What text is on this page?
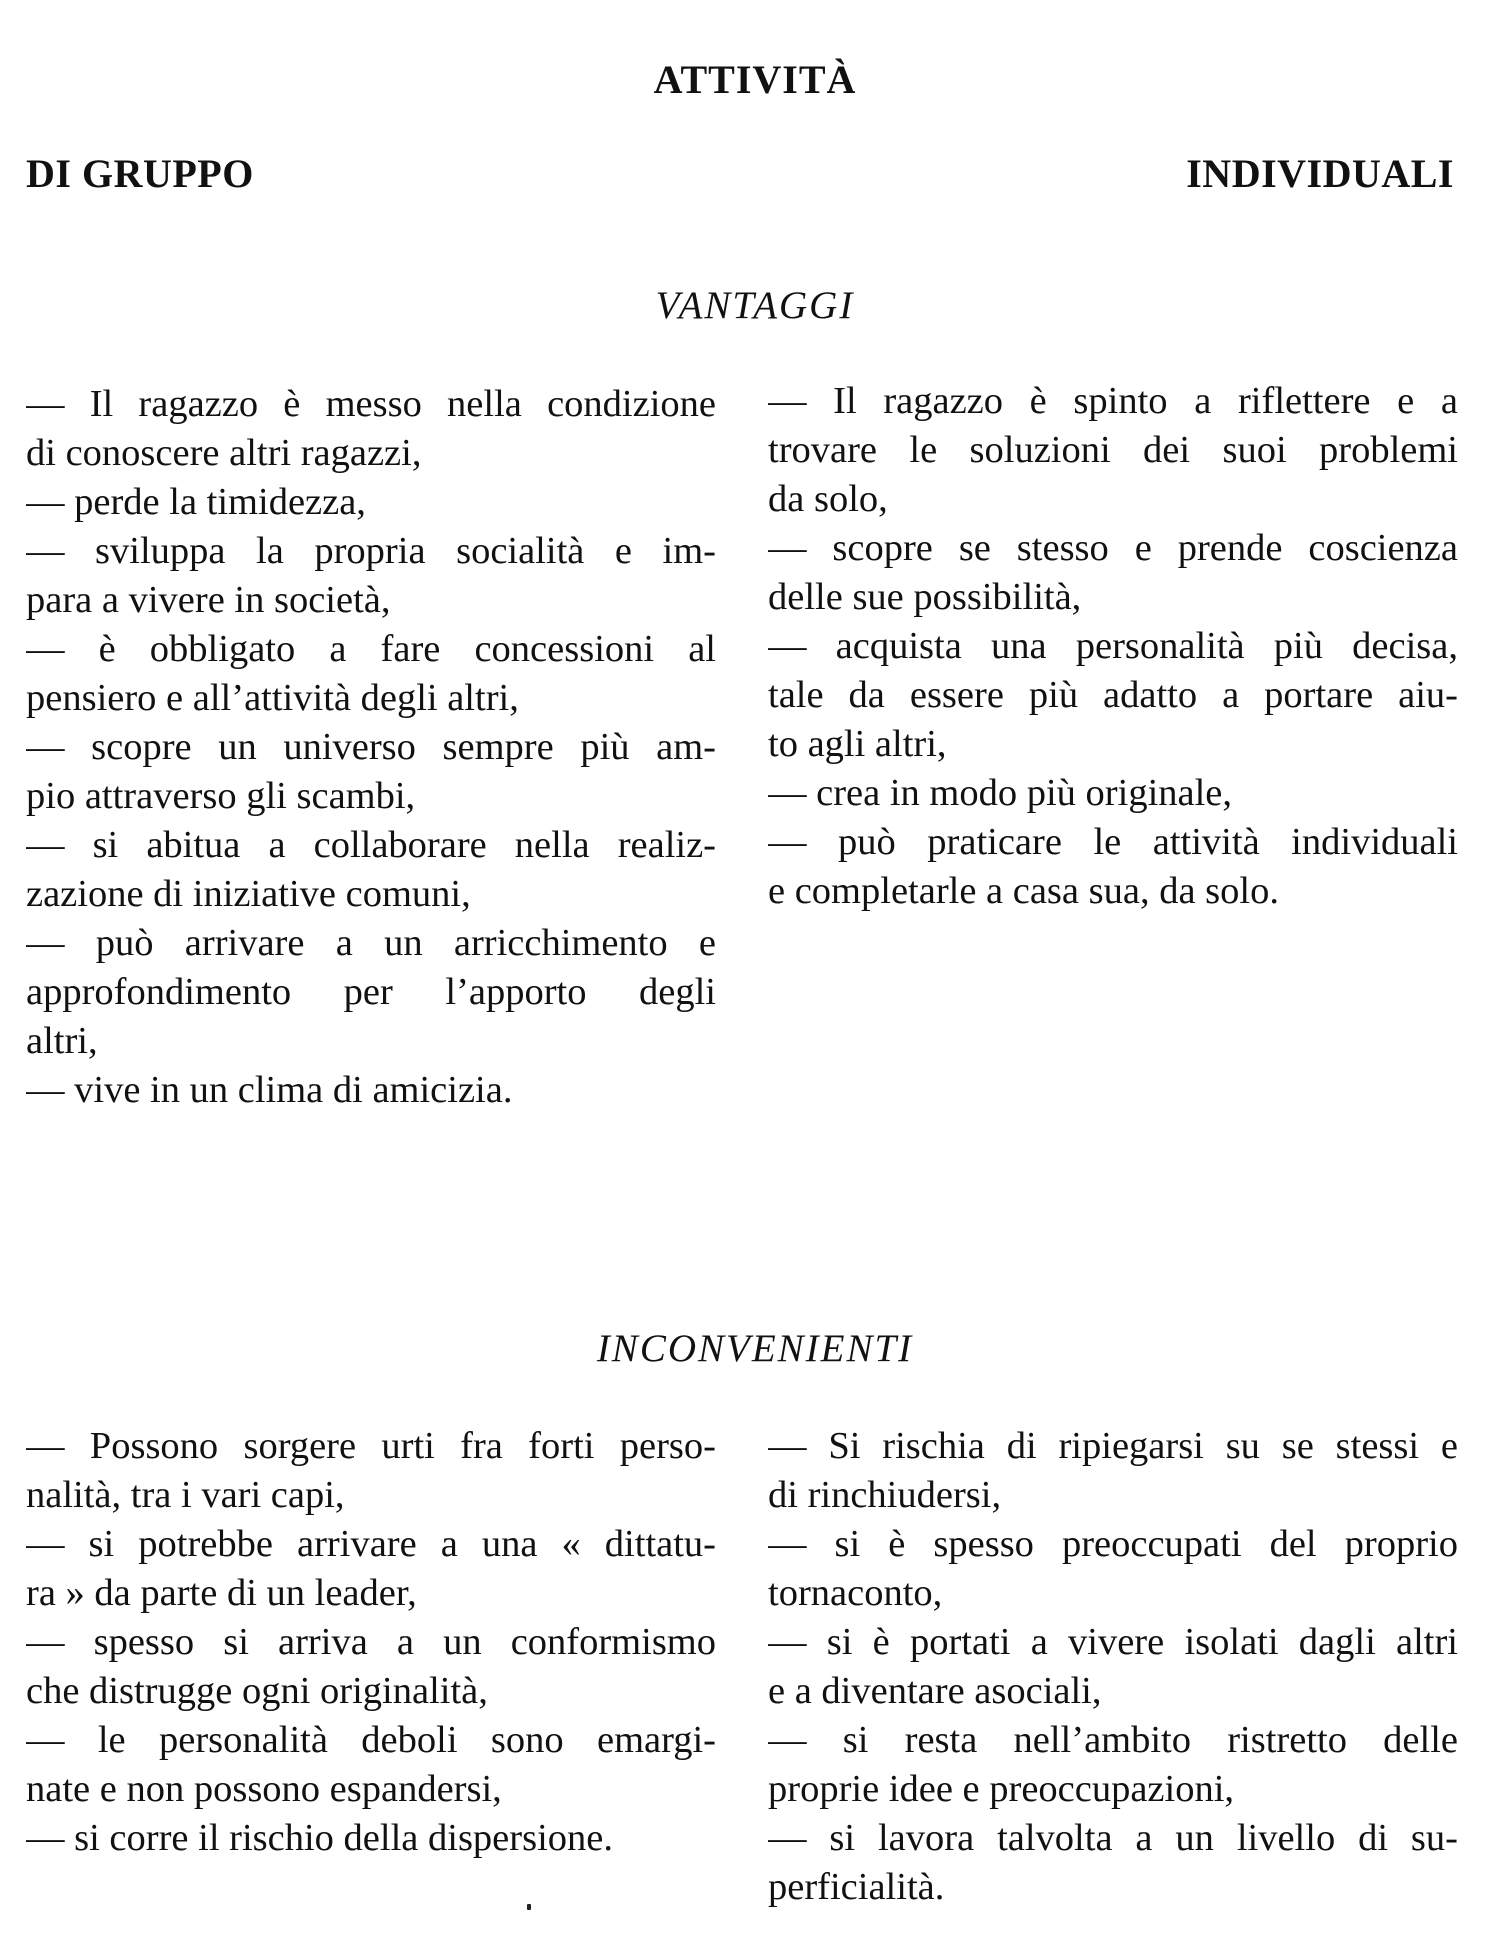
ATTIVITÀ
DI GRUPPO	INDIVIDUALI
VANTAGGI
— Il ragazzo è messo nella condizione
di conoscere altri ragazzi,
— perde la timidezza,
— sviluppa la propria socialità e im-
para a vivere in società,
— è obbligato a fare concessioni al
pensiero e all’attività degli altri,
— scopre un universo sempre più am-
pio attraverso gli scambi,
— si abitua a collaborare nella realiz-
zazione di iniziative comuni,
— può arrivare a un arricchimento e
approfondimento per l’apporto degli
altri,
— vive in un clima di amicizia.
— Il ragazzo è spinto a riflettere e a
trovare le soluzioni dei suoi problemi
da solo,
— scopre se stesso e prende coscienza
delle sue possibilità,
— acquista una personalità più decisa,
tale da essere più adatto a portare aiu-
to agli altri,
— crea in modo più originale,
— può praticare le attività individuali
e completarle a casa sua, da solo.
INCONVENIENTI
— Possono sorgere urti fra forti perso-
nalità, tra i vari capi,
— si potrebbe arrivare a una « dittatu-
ra » da parte di un leader,
— spesso si arriva a un conformismo
che distrugge ogni originalità,
— le personalità deboli sono emargi-
nate e non possono espandersi,
— si corre il rischio della dispersione.
— Si rischia di ripiegarsi su se stessi e
di rinchiudersi,
— si è spesso preoccupati del proprio
tornaconto,
— si è portati a vivere isolati dagli altri
e a diventare asociali,
— si resta nell’ambito ristretto delle
proprie idee e preoccupazioni,
— si lavora talvolta a un livello di su-
perficialità.
